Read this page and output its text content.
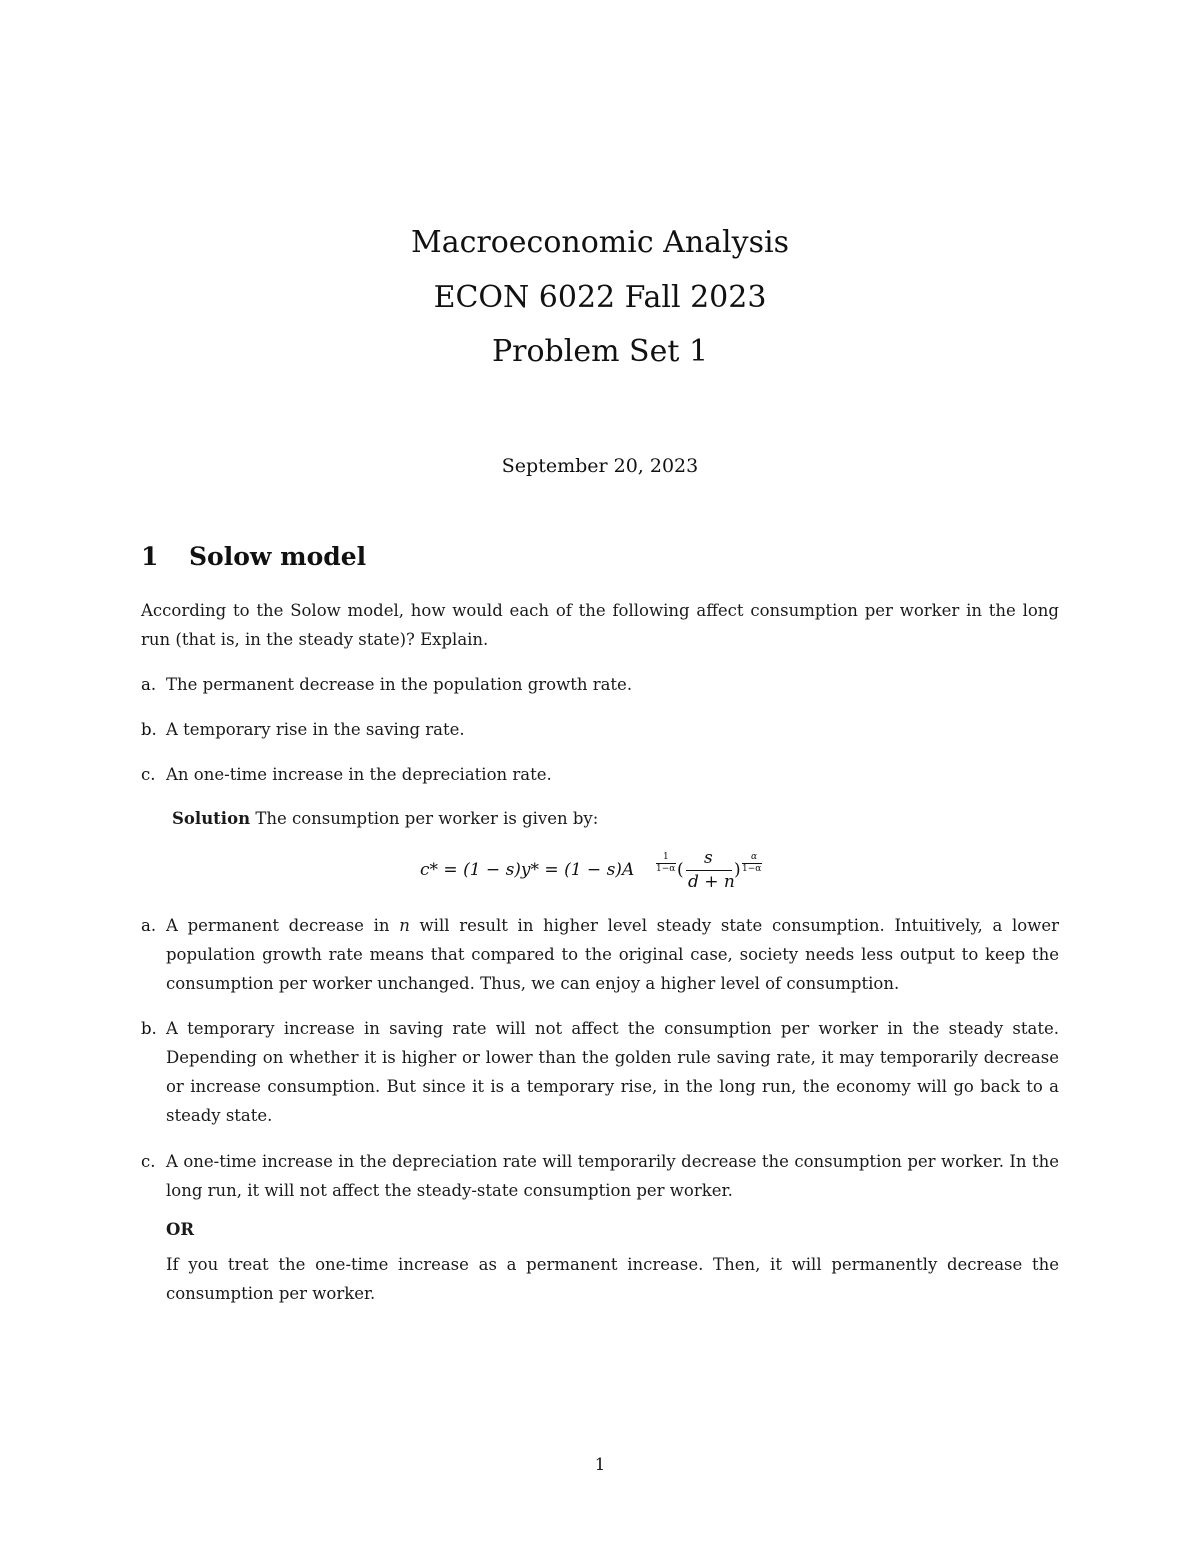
Macroeconomic Analysis
ECON 6022 Fall 2023
Problem Set 1
September 20, 2023
1 Solow model
According to the Solow model, how would each of the following affect consumption per worker in the long run (that is, in the steady state)? Explain.
a. The permanent decrease in the population growth rate.
b. A temporary rise in the saving rate.
c. An one-time increase in the depreciation rate.
Solution The consumption per worker is given by:
c* = (1 − s)y* = (1 − s)A
1
1−α (
s
d + n
)
α
1−α
a. A permanent decrease in n will result in higher level steady state consumption. Intuitively, a lower population growth rate means that compared to the original case, society needs less output to keep the consumption per worker unchanged. Thus, we can enjoy a higher level of consumption.
b. A temporary increase in saving rate will not affect the consumption per worker in the steady state. Depending on whether it is higher or lower than the golden rule saving rate, it may temporarily decrease or increase consumption. But since it is a temporary rise, in the long run, the economy will go back to a steady state.
c. A one-time increase in the depreciation rate will temporarily decrease the consumption per worker. In the long run, it will not affect the steady-state consumption per worker.
OR
If you treat the one-time increase as a permanent increase. Then, it will permanently decrease the consumption per worker.
1
